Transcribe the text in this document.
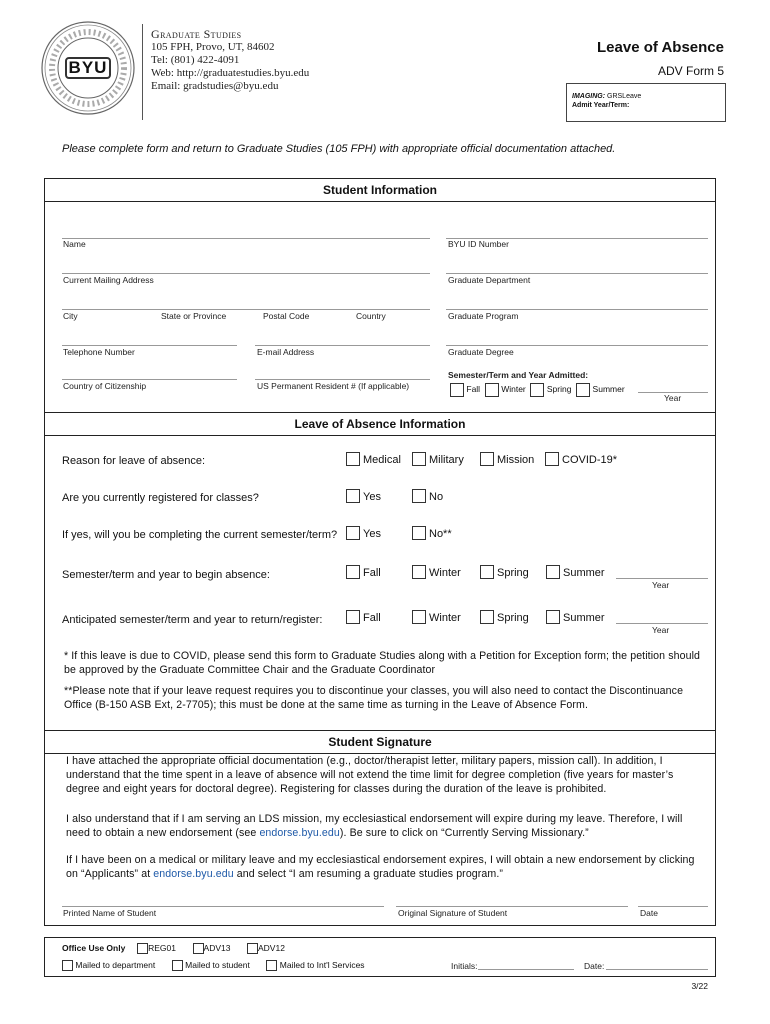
BYU
Graduate Studies
105 FPH, Provo, UT, 84602
Tel: (801) 422-4091
Web: http://graduatestudies.byu.edu
Email: gradstudies@byu.edu
Leave of Absence
ADV Form 5
IMAGING: GRSLeave
Admit Year/Term:
Please complete form and return to Graduate Studies (105 FPH) with appropriate official documentation attached.
Student Information
Name	BYU ID Number
Current Mailing Address	Graduate Department
City	State or Province	Postal Code	Country	Graduate Program
Telephone Number	E-mail Address	Graduate Degree
Semester/Term and Year Admitted:
Country of Citizenship	US Permanent Resident # (If applicable)	Fall Winter Spring Summer
Year
Leave of Absence Information
Reason for leave of absence:	Medical	Military	Mission	COVID-19*
Are you currently registered for classes?	Yes	No
If yes, will you be completing the current semester/term?	Yes	No**
Semester/term and year to begin absence:	Fall	Winter	Spring	Summer
Year
Anticipated semester/term and year to return/register:	Fall	Winter	Spring	Summer
Year
* If this leave is due to COVID, please send this form to Graduate Studies along with a Petition for Exception form; the petition should be approved by the Graduate Committee Chair and the Graduate Coordinator
**Please note that if your leave request requires you to discontinue your classes, you will also need to contact the Discontinuance Office (B-150 ASB Ext, 2-7705); this must be done at the same time as turning in the Leave of Absence Form.
Student Signature
I have attached the appropriate official documentation (e.g., doctor/therapist letter, military papers, mission call). In addition, I understand that the time spent in a leave of absence will not extend the time limit for degree completion (five years for master’s degree and eight years for doctoral degree). Registering for classes during the duration of the leave is prohibited.
I also understand that if I am serving an LDS mission, my ecclesiastical endorsement will expire during my leave. Therefore, I will need to obtain a new endorsement (see endorse.byu.edu). Be sure to click on “Currently Serving Missionary.”
If I have been on a medical or military leave and my ecclesiastical endorsement expires, I will obtain a new endorsement by clicking on “Applicants” at endorse.byu.edu and select “I am resuming a graduate studies program.”
Printed Name of Student	Original Signature of Student	Date
Office Use Only	REG01	ADV13	ADV12
Mailed to department	Mailed to student	Mailed to Int'l Services	Initials:	Date:
3/22
